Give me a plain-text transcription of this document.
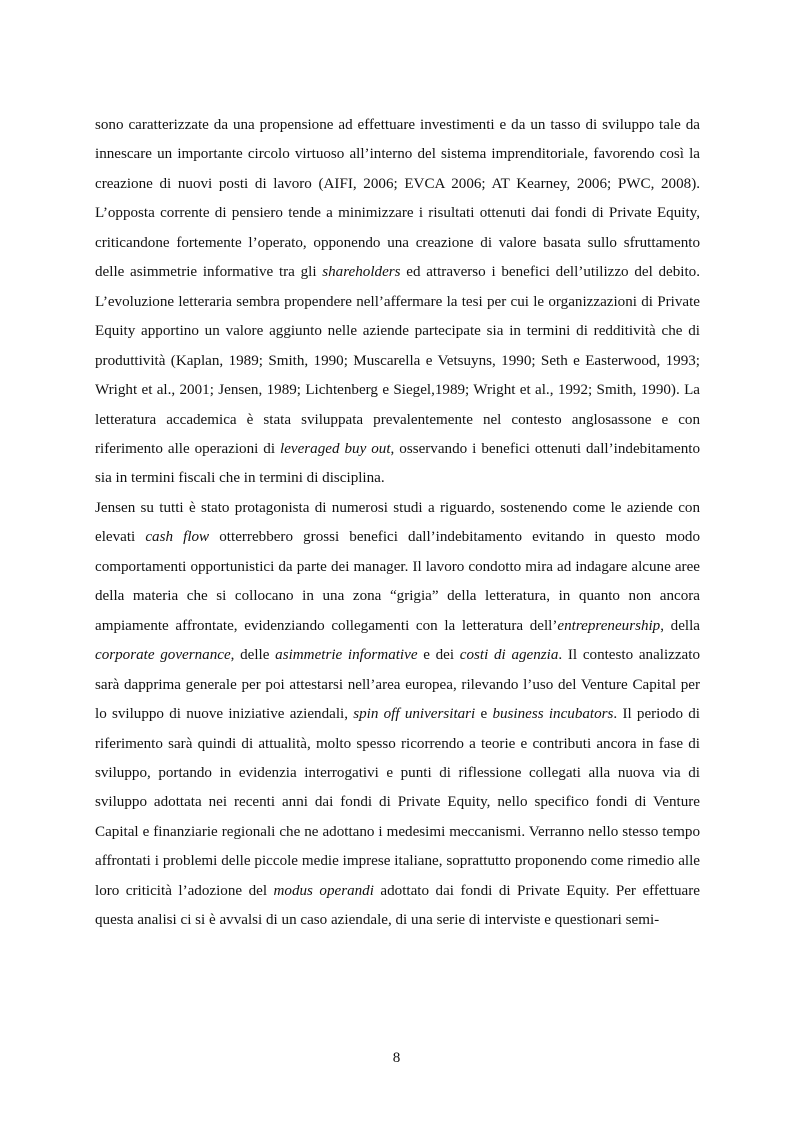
sono caratterizzate da una propensione ad effettuare investimenti e da un tasso di sviluppo tale da innescare un importante circolo virtuoso all’interno del sistema imprenditoriale, favorendo così la creazione di nuovi posti di lavoro (AIFI, 2006; EVCA 2006; AT Kearney, 2006; PWC, 2008). L’opposta corrente di pensiero tende a minimizzare i risultati ottenuti dai fondi di Private Equity, criticandone fortemente l’operato, opponendo una creazione di valore basata sullo sfruttamento delle asimmetrie informative tra gli shareholders ed attraverso i benefici dell’utilizzo del debito. L’evoluzione letteraria sembra propendere nell’affermare la tesi per cui le organizzazioni di Private Equity apportino un valore aggiunto nelle aziende partecipate sia in termini di redditività che di produttività (Kaplan, 1989; Smith, 1990; Muscarella e Vetsuyns, 1990; Seth e Easterwood, 1993; Wright et al., 2001; Jensen, 1989; Lichtenberg e Siegel,1989; Wright et al., 1992; Smith, 1990). La letteratura accademica è stata sviluppata prevalentemente nel contesto anglosassone e con riferimento alle operazioni di leveraged buy out, osservando i benefici ottenuti dall’indebitamento sia in termini fiscali che in termini di disciplina.

Jensen su tutti è stato protagonista di numerosi studi a riguardo, sostenendo come le aziende con elevati cash flow otterrebbero grossi benefici dall’indebitamento evitando in questo modo comportamenti opportunistici da parte dei manager. Il lavoro condotto mira ad indagare alcune aree della materia che si collocano in una zona “grigia” della letteratura, in quanto non ancora ampiamente affrontate, evidenziando collegamenti con la letteratura dell’entrepreneurship, della corporate governance, delle asimmetrie informative e dei costi di agenzia. Il contesto analizzato sarà dapprima generale per poi attestarsi nell’area europea, rilevando l’uso del Venture Capital per lo sviluppo di nuove iniziative aziendali, spin off universitari e business incubators. Il periodo di riferimento sarà quindi di attualità, molto spesso ricorrendo a teorie e contributi ancora in fase di sviluppo, portando in evidenzia interrogativi e punti di riflessione collegati alla nuova via di sviluppo adottata nei recenti anni dai fondi di Private Equity, nello specifico fondi di Venture Capital e finanziarie regionali che ne adottano i medesimi meccanismi. Verranno nello stesso tempo affrontati i problemi delle piccole medie imprese italiane, soprattutto proponendo come rimedio alle loro criticità l’adozione del modus operandi adottato dai fondi di Private Equity. Per effettuare questa analisi ci si è avvalsi di un caso aziendale, di una serie di interviste e questionari semi-

8
